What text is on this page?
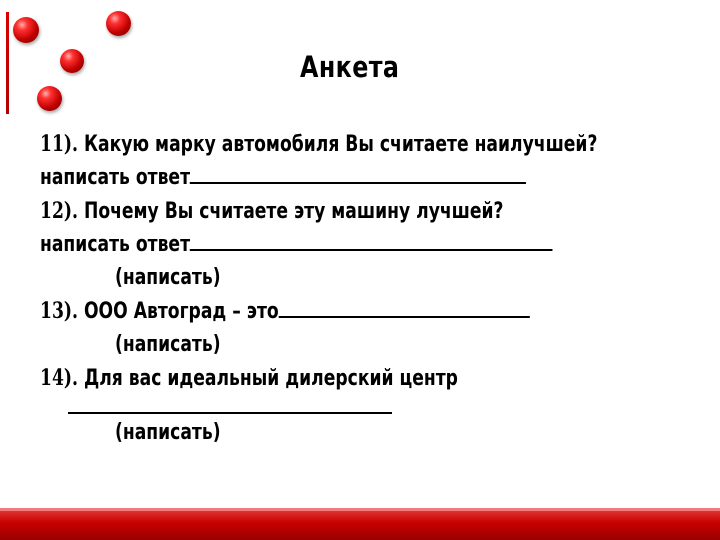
Анкета
11). Какую марку автомобиля Вы считаете наилучшей?
написать ответ
12). Почему Вы считаете эту машину лучшей?
написать ответ
(написать)
13). ООО Автоград – это
(написать)
14). Для вас идеальный дилерский центр
(написать)
